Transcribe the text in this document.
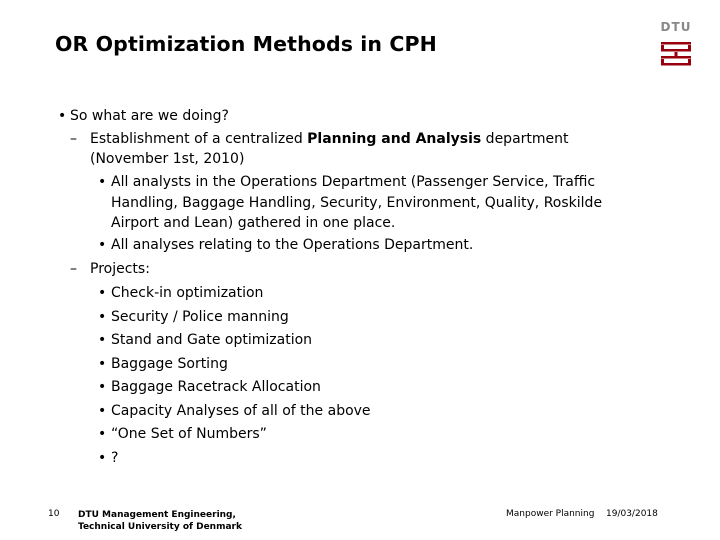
OR Optimization Methods in CPH
DTU
• So what are we doing?
– Establishment of a centralized Planning and Analysis department
(November 1st, 2010)
• All analysts in the Operations Department (Passenger Service, Traffic
Handling, Baggage Handling, Security, Environment, Quality, Roskilde
Airport and Lean) gathered in one place.
• All analyses relating to the Operations Department.
– Projects:
• Check-in optimization
• Security / Police manning
• Stand and Gate optimization
• Baggage Sorting
• Baggage Racetrack Allocation
• Capacity Analyses of all of the above
• “One Set of Numbers”
• ?
10 DTU Management Engineering,
Technical University of Denmark
Manpower Planning 19/03/2018
